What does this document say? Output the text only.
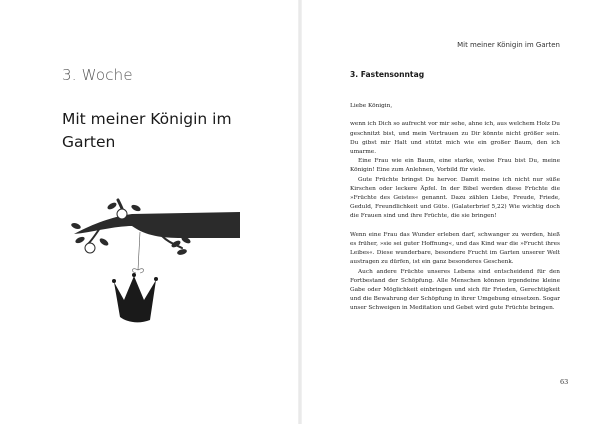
3. Woche
Mit meiner Königin im Garten

Mit meiner Königin im Garten

3. Fastensonntag

Liebe Königin,

wenn ich Dich so aufrecht vor mir sehe, ahne ich, aus welchem Holz Du geschnitzt bist, und mein Vertrauen zu Dir könnte nicht größer sein. Du gibst mir Halt und stützt mich wie ein großer Baum, den ich umarme.

Eine Frau wie ein Baum, eine starke, weise Frau bist Du, meine Königin! Eine zum Anlehnen, Vorbild für viele.

Gute Früchte bringst Du hervor. Damit meine ich nicht nur süße Kirschen oder leckere Äpfel. In der Bibel werden diese Früchte die »Früchte des Geistes« genannt. Dazu zählen Liebe, Freude, Friede, Geduld, Freundlichkeit und Güte. (Galaterbrief 5,22) Wie wichtig doch die Frauen sind und ihre Früchte, die sie bringen!

Wenn eine Frau das Wunder erleben darf, schwanger zu werden, hieß es früher, »sie sei guter Hoffnung«, und das Kind war die »Frucht ihres Leibes«. Diese wunderbare, besondere Frucht im Garten unserer Welt austragen zu dürfen, ist ein ganz besonderes Geschenk.

Auch andere Früchte unseres Lebens sind entscheidend für den Fortbestand der Schöpfung. Alle Menschen können irgendeine kleine Gabe oder Möglichkeit einbringen und sich für Frieden, Gerechtigkeit und die Bewahrung der Schöpfung in ihrer Umgebung einsetzen. Sogar unser Schweigen in Meditation und Gebet wird gute Früchte bringen.

63
